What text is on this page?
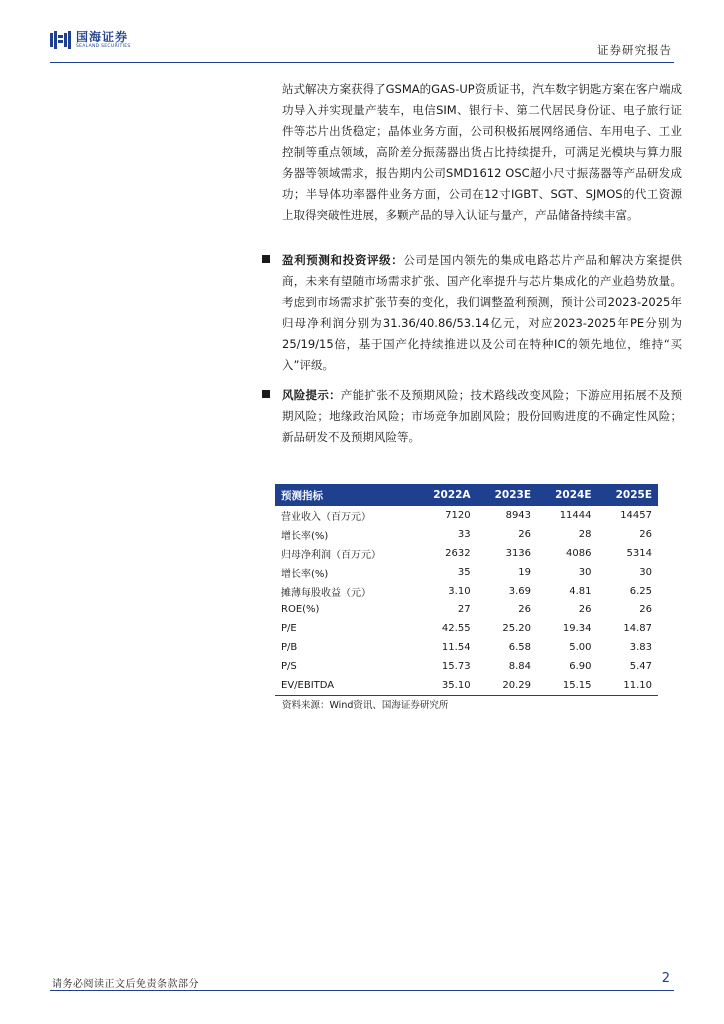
国海证券
SEALAND SECURITIES	证券研究报告

站式解决方案获得了GSMA的GAS-UP资质证书，汽车数字钥匙方案在客户端成功导入并实现量产装车，电信SIM、银行卡、第二代居民身份证、电子旅行证件等芯片出货稳定；晶体业务方面，公司积极拓展网络通信、车用电子、工业控制等重点领域，高阶差分振荡器出货占比持续提升，可满足光模块与算力服务器等领域需求，报告期内公司SMD1612 OSC超小尺寸振荡器等产品研发成功；半导体功率器件业务方面，公司在12寸IGBT、SGT、SJMOS的代工资源上取得突破性进展，多颗产品的导入认证与量产，产品储备持续丰富。

盈利预测和投资评级：公司是国内领先的集成电路芯片产品和解决方案提供商，未来有望随市场需求扩张、国产化率提升与芯片集成化的产业趋势放量。考虑到市场需求扩张节奏的变化，我们调整盈利预测，预计公司2023-2025年归母净利润分别为31.36/40.86/53.14亿元，对应2023-2025年PE分别为25/19/15倍，基于国产化持续推进以及公司在特种IC的领先地位，维持“买入”评级。

风险提示：产能扩张不及预期风险；技术路线改变风险；下游应用拓展不及预期风险；地缘政治风险；市场竞争加剧风险；股份回购进度的不确定性风险；新品研发不及预期风险等。

预测指标	2022A	2023E	2024E	2025E
营业收入（百万元）	7120	8943	11444	14457
增长率(%)	33	26	28	26
归母净利润（百万元）	2632	3136	4086	5314
增长率(%)	35	19	30	30
摊薄每股收益（元）	3.10	3.69	4.81	6.25
ROE(%)	27	26	26	26
P/E	42.55	25.20	19.34	14.87
P/B	11.54	6.58	5.00	3.83
P/S	15.73	8.84	6.90	5.47
EV/EBITDA	35.10	20.29	15.15	11.10
资料来源：Wind资讯、国海证券研究所
请务必阅读正文后免责条款部分	2
